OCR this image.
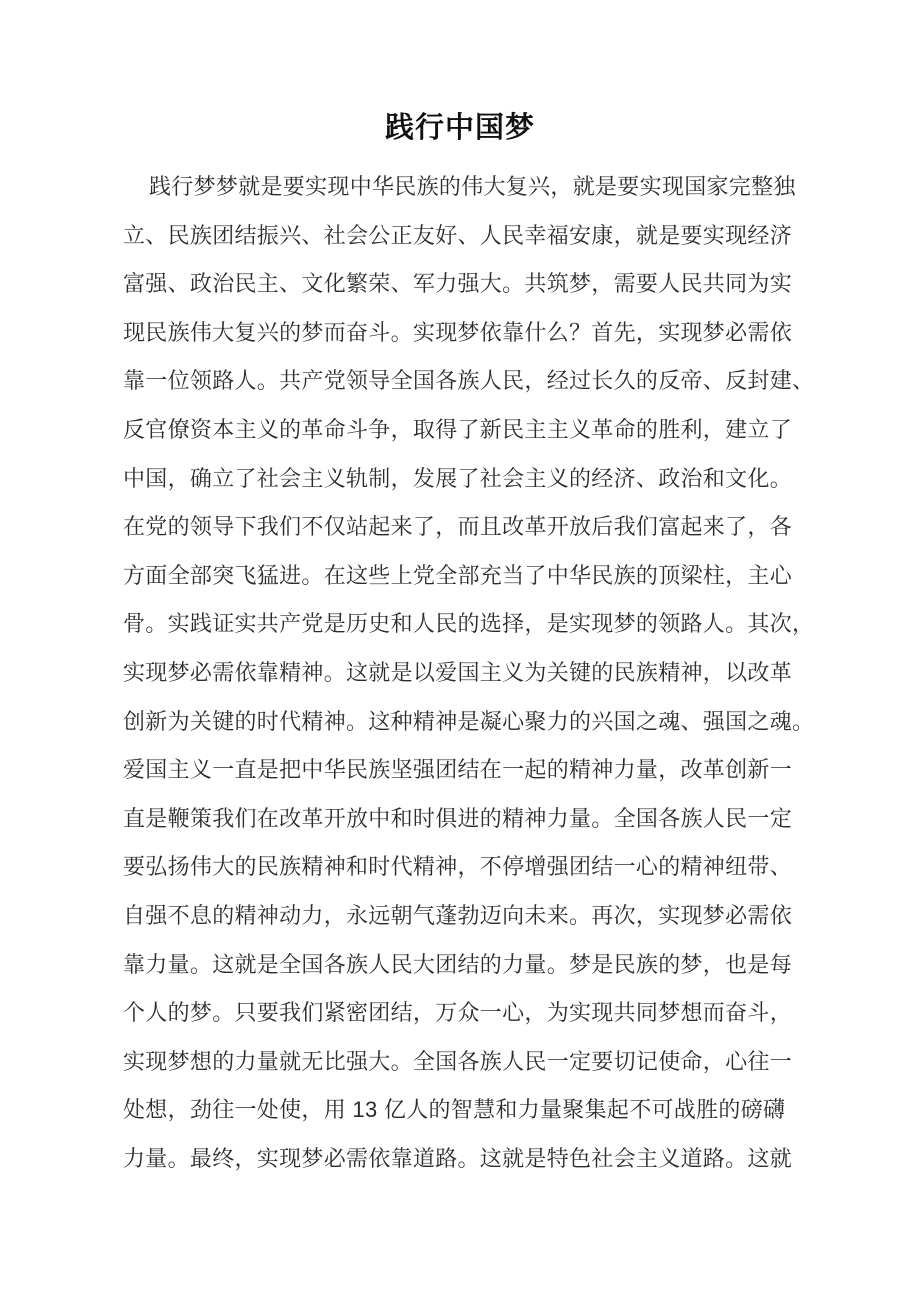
践行中国梦
践行梦梦就是要实现中华民族的伟大复兴，就是要实现国家完整独
立、民族团结振兴、社会公正友好、人民幸福安康，就是要实现经济
富强、政治民主、文化繁荣、军力强大。共筑梦，需要人民共同为实
现民族伟大复兴的梦而奋斗。实现梦依靠什么？首先，实现梦必需依
靠一位领路人。共产党领导全国各族人民，经过长久的反帝、反封建、
反官僚资本主义的革命斗争，取得了新民主主义革命的胜利，建立了
中国，确立了社会主义轨制，发展了社会主义的经济、政治和文化。
在党的领导下我们不仅站起来了，而且改革开放后我们富起来了，各
方面全部突飞猛进。在这些上党全部充当了中华民族的顶梁柱，主心
骨。实践证实共产党是历史和人民的选择，是实现梦的领路人。其次，
实现梦必需依靠精神。这就是以爱国主义为关键的民族精神，以改革
创新为关键的时代精神。这种精神是凝心聚力的兴国之魂、强国之魂。
爱国主义一直是把中华民族坚强团结在一起的精神力量，改革创新一
直是鞭策我们在改革开放中和时俱进的精神力量。全国各族人民一定
要弘扬伟大的民族精神和时代精神，不停增强团结一心的精神纽带、
自强不息的精神动力，永远朝气蓬勃迈向未来。再次，实现梦必需依
靠力量。这就是全国各族人民大团结的力量。梦是民族的梦，也是每
个人的梦。只要我们紧密团结，万众一心，为实现共同梦想而奋斗，
实现梦想的力量就无比强大。全国各族人民一定要切记使命，心往一
处想，劲往一处使，用 13 亿人的智慧和力量聚集起不可战胜的磅礴
力量。最终，实现梦必需依靠道路。这就是特色社会主义道路。这就
